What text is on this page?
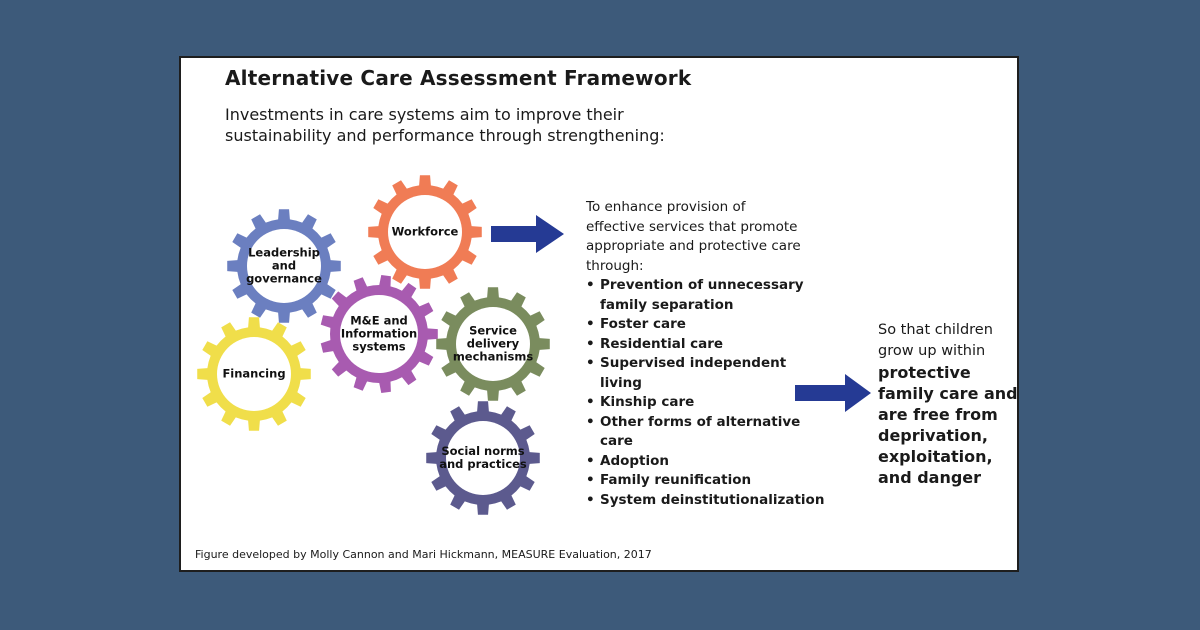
Alternative Care Assessment Framework
Investments in care systems aim to improve their
sustainability and performance through strengthening:
Leadership
and
governance
Workforce
M&E and
Information
systems
Service
delivery
mechanisms
Financing
Social norms
and practices
To enhance provision of
effective services that promote
appropriate and protective care
through:
• Prevention of unnecessary
family separation
• Foster care
• Residential care
• Supervised independent
living
• Kinship care
• Other forms of alternative
care
• Adoption
• Family reunification
• System deinstitutionalization
So that children
grow up within
protective
family care and
are free from
deprivation,
exploitation,
and danger
Figure developed by Molly Cannon and Mari Hickmann, MEASURE Evaluation, 2017
